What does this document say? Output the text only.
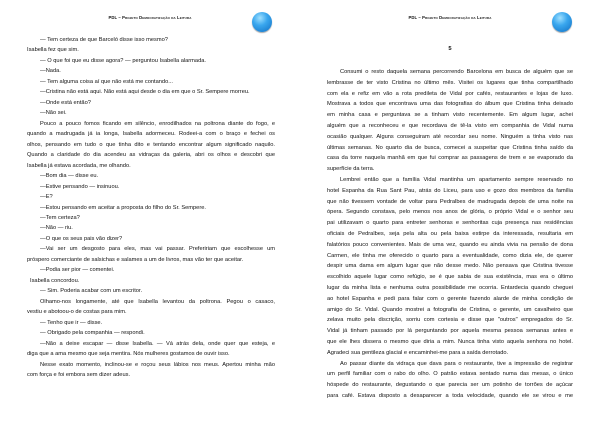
PDL – Projeto Democratização da Leitura
— Tem certeza de que Barceló disse isso mesmo?
Isabella fez que sim.
— O que foi que eu disse agora? — perguntou Isabella alarmada.
—Nada.
— Tem alguma coisa aí que não está me contando...
—Cristina não está aqui. Não está aqui desde o dia em que o Sr. Sempere morreu.
—Onde está então?
—Não sei.
Pouco a pouco fomos ficando em silêncio, enrodilhados na poltrona diante do fogo, e
quando a madrugada já ia longa, Isabella adormeceu. Rodeei-a com o braço e fechei os
olhos, pensando em tudo o que tinha dito e tentando encontrar algum significado naquilo.
Quando a claridade do dia acendeu as vidraças da galeria, abri os olhos e descobri que
Isabella já estava acordada, me olhando.
—Bom dia — disse eu.
—Estive pensando — insinuou.
—E?
—Estou pensando em aceitar a proposta do filho do Sr. Sempere.
—Tem certeza?
—Não — riu.
—O que os seus pais vão dizer?
—Vai ser um desgosto para eles, mas vai passar. Prefeririam que escolhesse um
próspero comerciante de salsichas e salames a um de livros, mas vão ter que aceitar.
—Podia ser pior — comentei.
Isabella concordou.
— Sim. Poderia acabar com um escritor.
Olhamo-nos longamente, até que Isabella levantou da poltrona. Pegou o casaco,
vestiu e abotoou-o de costas para mim.
— Tenho que ir — disse.
— Obrigado pela companhia — respondi.
—Não a deixe escapar — disse Isabella. — Vá atrás dela, onde quer que esteja, e
diga que a ama mesmo que seja mentira. Nós mulheres gostamos de ouvir isso.
Nesse exato momento, inclinou-se e roçou seus lábios nos meus. Apertou minha mão
com força e foi embora sem dizer adeus.
PDL – Projeto Democratização da Leitura
5
Consumi o resto daquela semana percorrendo Barcelona em busca de alguém que se
lembrasse de ter visto Cristina no último mês. Visitei os lugares que tinha compartilhado
com ela e refiz em vão a rota predileta de Vidal por cafés, restaurantes e lojas de luxo.
Mostrava a todos que encontrava uma das fotografias do álbum que Cristina tinha deixado
em minha casa e perguntava se a tinham visto recentemente. Em algum lugar, achei
alguém que a reconheceu e que recordava de tê-la visto em companhia de Vidal numa
ocasião qualquer. Alguns conseguiram até recordar seu nome. Ninguém a tinha visto nas
últimas semanas. No quarto dia de busca, comecei a suspeitar que Cristina tinha saído da
casa da torre naquela manhã em que fui comprar as passagens de trem e se evaporado da
superfície da terra.
Lembrei então que a família Vidal mantinha um apartamento sempre reservado no
hotel Espanha da Rua Sant Pau, atrás do Liceu, para uso e gozo dos membros da família
que não tivessem vontade de voltar para Pedralbes de madrugada depois de uma noite na
ópera. Segundo constava, pelo menos nos anos de glória, o próprio Vidal e o senhor seu
pai utilizavam o quarto para entreter senhoras e senhoritas cuja presença nas residências
oficiais de Pedralbes, seja pela alta ou pela baixa estirpe da interessada, resultaria em
falatórios pouco convenientes. Mais de uma vez, quando eu ainda vivia na pensão de dona
Carmen, ele tinha me oferecido o quarto para a eventualidade, como dizia ele, de querer
despir uma dama em algum lugar que não desse medo. Não pensava que Cristina tivesse
escolhido aquele lugar como refúgio, se é que sabia de sua existência, mas era o último
lugar da minha lista e nenhuma outra possibilidade me ocorria. Entardecia quando cheguei
ao hotel Espanha e pedi para falar com o gerente fazendo alarde de minha condição de
amigo do Sr. Vidal. Quando mostrei a fotografia de Cristina, o gerente, um cavalheiro que
zelava muito pela discrição, sorriu com cortesia e disse que "outros" empregados do Sr.
Vidal já tinham passado por lá perguntando por aquela mesma pessoa semanas antes e
que ele lhes dissera o mesmo que diria a mim. Nunca tinha visto aquela senhora no hotel.
Agradeci sua gentileza glacial e encaminhei-me para a saída derrotado.
Ao passar diante da vidraça que dava para o restaurante, tive a impressão de registrar
um perfil familiar com o rabo do olho. O patrão estava sentado numa das mesas, o único
hóspede do restaurante, degustando o que parecia ser um potinho de torrões de açúcar
para café. Estava disposto a desaparecer a toda velocidade, quando ele se virou e me
